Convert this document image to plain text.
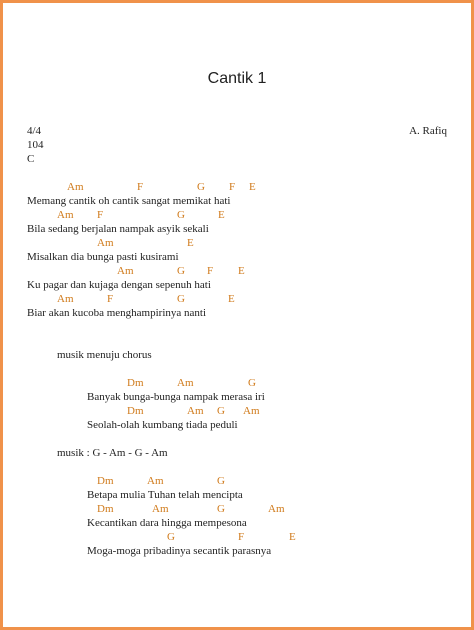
Cantik 1
4/4
104
C
A. Rafiq
Am	F	G F E
Memang cantik oh cantik sangat memikat hati
Am F	G	E
Bila sedang berjalan nampak asyik sekali
Am	E
Misalkan dia bunga pasti kusirami
Am	G F E
Ku pagar dan kujaga dengan sepenuh hati
Am	F	G	E
Biar akan kucoba menghampirinya nanti
musik menuju chorus
Dm	Am	G
Banyak bunga-bunga nampak merasa iri
Dm	Am G Am
Seolah-olah kumbang tiada peduli
musik : G - Am - G - Am
Dm	Am	G
Betapa mulia Tuhan telah mencipta
Dm	Am	G	Am
Kecantikan dara hingga mempesona
G	F	E
Moga-moga pribadinya secantik parasnya
